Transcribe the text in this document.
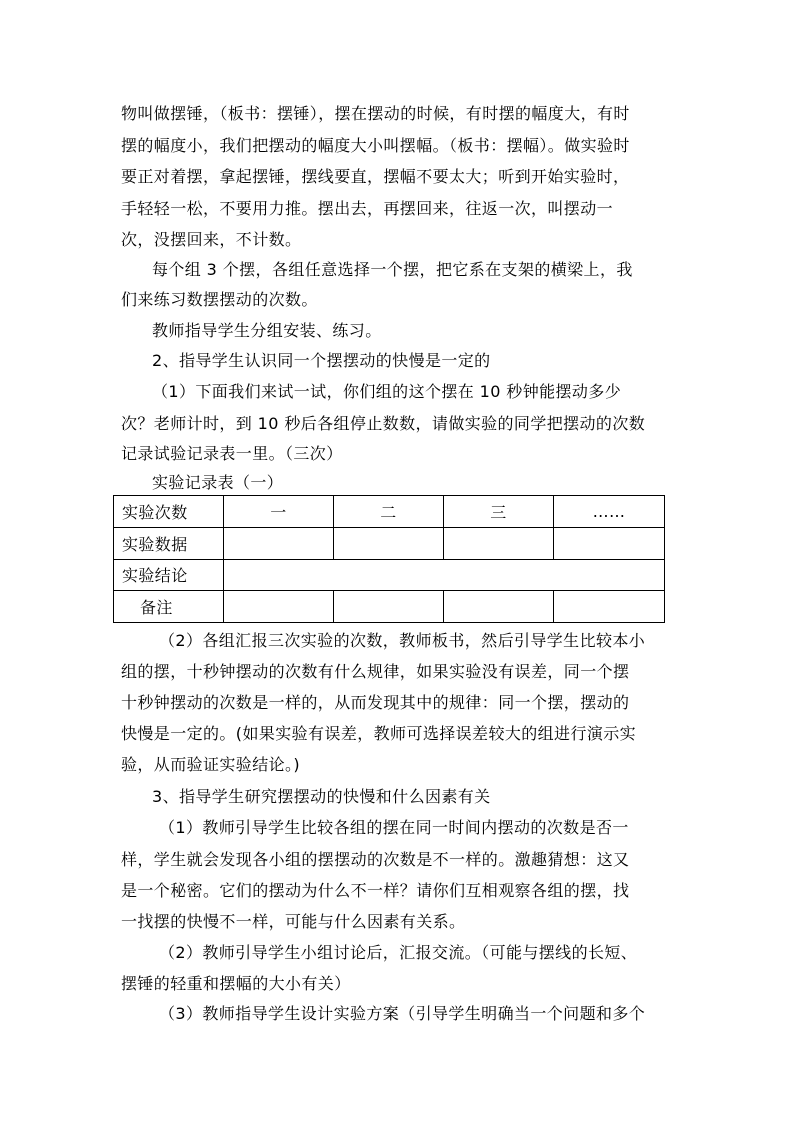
物叫做摆锤，（板书：摆锤），摆在摆动的时候，有时摆的幅度大，有时
摆的幅度小，我们把摆动的幅度大小叫摆幅。（板书：摆幅）。做实验时
要正对着摆，拿起摆锤，摆线要直，摆幅不要太大；听到开始实验时，
手轻轻一松，不要用力推。摆出去，再摆回来，往返一次，叫摆动一
次，没摆回来，不计数。
每个组 3 个摆，各组任意选择一个摆，把它系在支架的横梁上，我
们来练习数摆摆动的次数。
教师指导学生分组安装、练习。
2、指导学生认识同一个摆摆动的快慢是一定的
（1）下面我们来试一试，你们组的这个摆在 10 秒钟能摆动多少
次？老师计时，到 10 秒后各组停止数数，请做实验的同学把摆动的次数
记录试验记录表一里。（三次）
实验记录表（一）
实验次数	一	二	三	……
实验数据				
实验结论				
备注				
（2）各组汇报三次实验的次数，教师板书，然后引导学生比较本小
组的摆，十秒钟摆动的次数有什么规律，如果实验没有误差，同一个摆
十秒钟摆动的次数是一样的，从而发现其中的规律：同一个摆，摆动的
快慢是一定的。(如果实验有误差，教师可选择误差较大的组进行演示实
验，从而验证实验结论。)
3、指导学生研究摆摆动的快慢和什么因素有关
（1）教师引导学生比较各组的摆在同一时间内摆动的次数是否一
样，学生就会发现各小组的摆摆动的次数是不一样的。激趣猜想：这又
是一个秘密。它们的摆动为什么不一样？请你们互相观察各组的摆，找
一找摆的快慢不一样，可能与什么因素有关系。
（2）教师引导学生小组讨论后，汇报交流。（可能与摆线的长短、
摆锤的轻重和摆幅的大小有关）
（3）教师指导学生设计实验方案（引导学生明确当一个问题和多个
